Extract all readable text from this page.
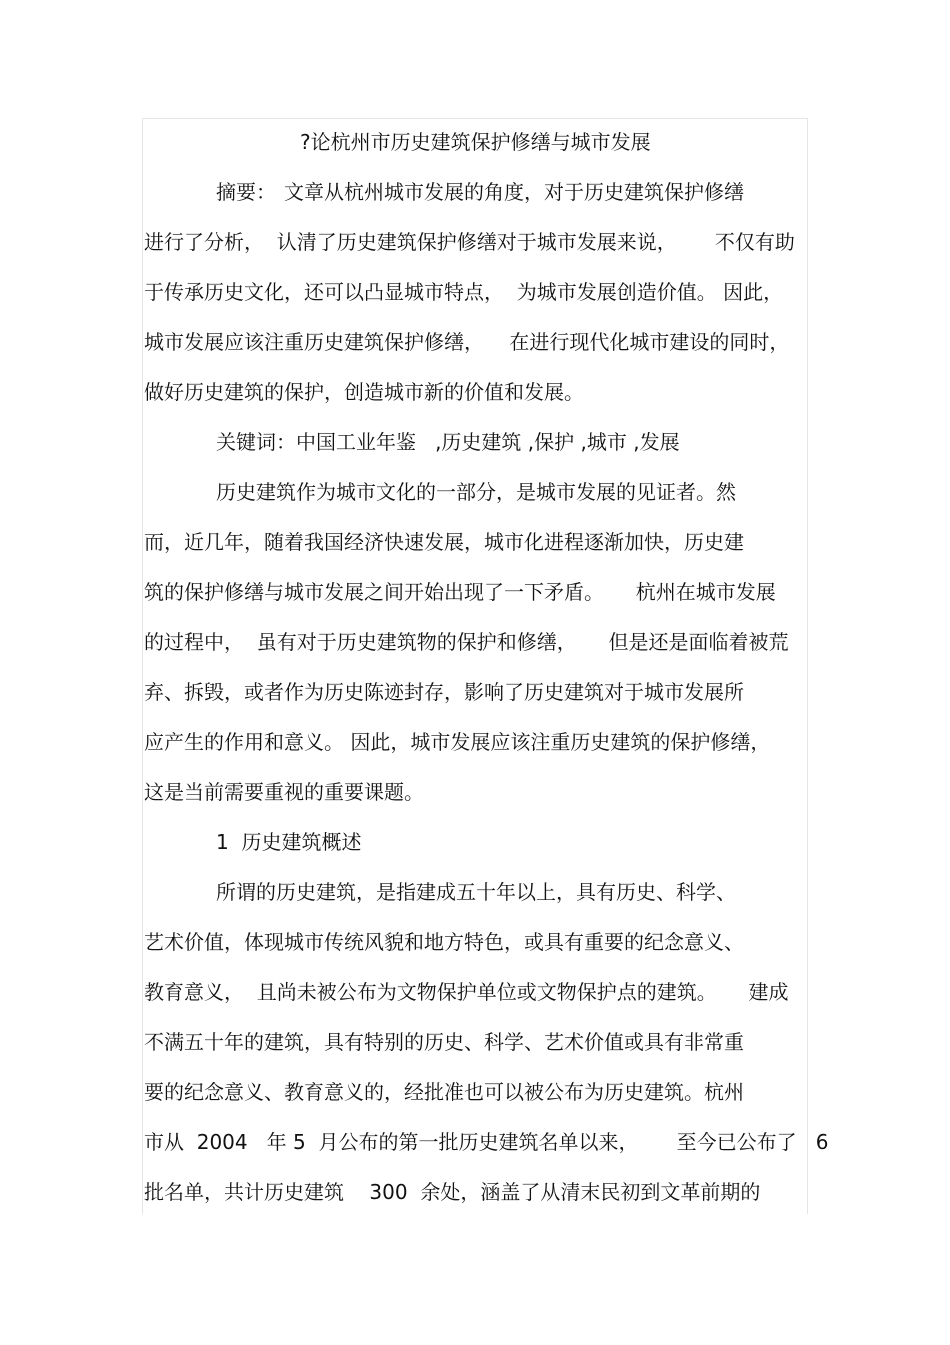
?论杭州市历史建筑保护修缮与城市发展
摘要： 文章从杭州城市发展的角度，对于历史建筑保护修缮
进行了分析，  认清了历史建筑保护修缮对于城市发展来说，      不仅有助
于传承历史文化，还可以凸显城市特点，  为城市发展创造价值。 因此，
城市发展应该注重历史建筑保护修缮，    在进行现代化城市建设的同时，
做好历史建筑的保护，创造城市新的价值和发展。
关键词：中国工业年鉴   ,历史建筑 ,保护 ,城市 ,发展
历史建筑作为城市文化的一部分，是城市发展的见证者。然
而，近几年，随着我国经济快速发展，城市化进程逐渐加快，历史建
筑的保护修缮与城市发展之间开始出现了一下矛盾。     杭州在城市发展
的过程中，  虽有对于历史建筑物的保护和修缮，     但是还是面临着被荒
弃、拆毁，或者作为历史陈迹封存，影响了历史建筑对于城市发展所
应产生的作用和意义。 因此，城市发展应该注重历史建筑的保护修缮，
这是当前需要重视的重要课题。
1  历史建筑概述
所谓的历史建筑，是指建成五十年以上，具有历史、科学、
艺术价值，体现城市传统风貌和地方特色，或具有重要的纪念意义、
教育意义，  且尚未被公布为文物保护单位或文物保护点的建筑。     建成
不满五十年的建筑，具有特别的历史、科学、艺术价值或具有非常重
要的纪念意义、教育意义的，经批准也可以被公布为历史建筑。杭州
市从  2004   年 5  月公布的第一批历史建筑名单以来，      至今已公布了   6
批名单，共计历史建筑    300  余处，涵盖了从清末民初到文革前期的
